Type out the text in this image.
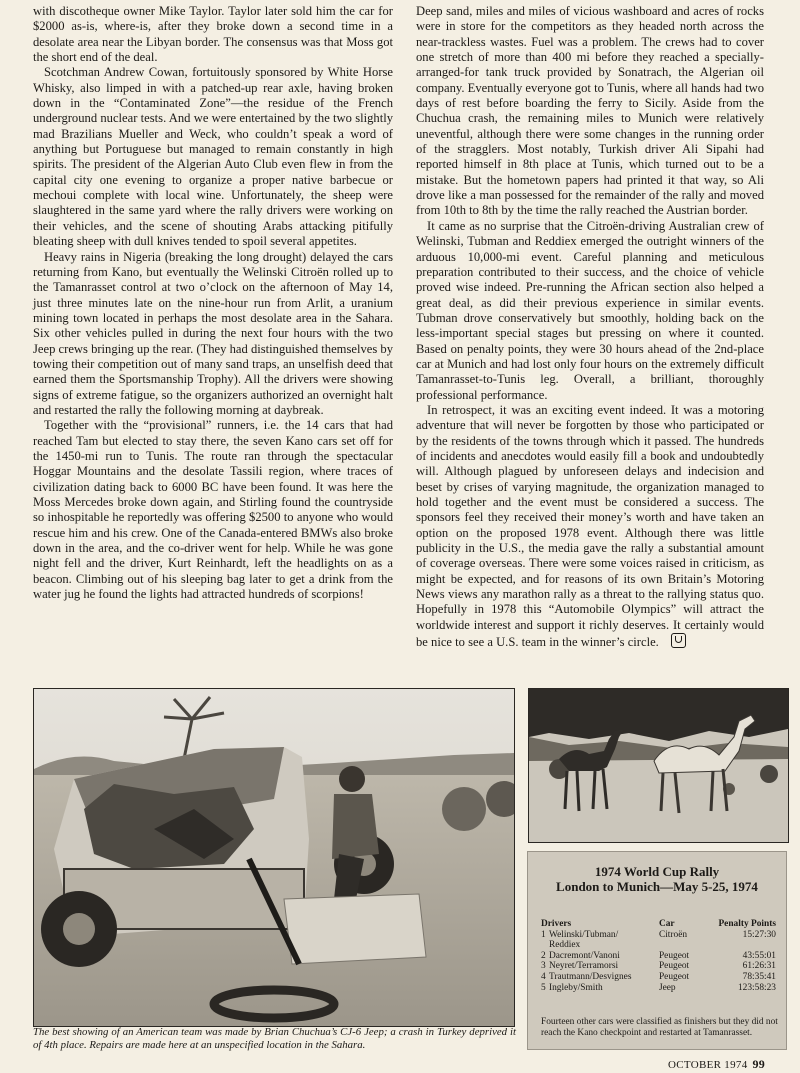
with discotheque owner Mike Taylor. Taylor later sold him the car for $2000 as-is, where-is, after they broke down a second time in a desolate area near the Libyan border. The consensus was that Moss got the short end of the deal.

Scotchman Andrew Cowan, fortuitously sponsored by White Horse Whisky, also limped in with a patched-up rear axle, having broken down in the “Contaminated Zone”—the residue of the French underground nuclear tests. And we were entertained by the two slightly mad Brazilians Mueller and Weck, who couldn’t speak a word of anything but Portuguese but managed to remain constantly in high spirits. The president of the Algerian Auto Club even flew in from the capital city one evening to organize a proper native barbecue or mechoui complete with local wine. Unfortunately, the sheep were slaughtered in the same yard where the rally drivers were working on their vehicles, and the scene of shouting Arabs attacking pitifully bleating sheep with dull knives tended to spoil several appetites.

Heavy rains in Nigeria (breaking the long drought) delayed the cars returning from Kano, but eventually the Welinski Citroën rolled up to the Tamanrasset control at two o’clock on the afternoon of May 14, just three minutes late on the nine-hour run from Arlit, a uranium mining town located in perhaps the most desolate area in the Sahara. Six other vehicles pulled in during the next four hours with the two Jeep crews bringing up the rear. (They had distinguished themselves by towing their competition out of many sand traps, an unselfish deed that earned them the Sportsmanship Trophy). All the drivers were showing signs of extreme fatigue, so the organizers authorized an overnight halt and restarted the rally the following morning at daybreak.

Together with the “provisional” runners, i.e. the 14 cars that had reached Tam but elected to stay there, the seven Kano cars set off for the 1450-mi run to Tunis. The route ran through the spectacular Hoggar Mountains and the desolate Tassili region, where traces of civilization dating back to 6000 BC have been found. It was here the Moss Mercedes broke down again, and Stirling found the countryside so inhospitable he reportedly was offering $2500 to anyone who would rescue him and his crew. One of the Canada-entered BMWs also broke down in the area, and the co-driver went for help. While he was gone night fell and the driver, Kurt Reinhardt, left the headlights on as a beacon. Climbing out of his sleeping bag later to get a drink from the water jug he found the lights had attracted hundreds of scorpions!

Deep sand, miles and miles of vicious washboard and acres of rocks were in store for the competitors as they headed north across the near-trackless wastes. Fuel was a problem. The crews had to cover one stretch of more than 400 mi before they reached a specially-arranged-for tank truck provided by Sonatrach, the Algerian oil company. Eventually everyone got to Tunis, where all hands had two days of rest before boarding the ferry to Sicily. Aside from the Chuchua crash, the remaining miles to Munich were relatively uneventful, although there were some changes in the running order of the stragglers. Most notably, Turkish driver Ali Sipahi had reported himself in 8th place at Tunis, which turned out to be a mistake. But the hometown papers had printed it that way, so Ali drove like a man possessed for the remainder of the rally and moved from 10th to 8th by the time the rally reached the Austrian border.

It came as no surprise that the Citroën-driving Australian crew of Welinski, Tubman and Reddiex emerged the outright winners of the arduous 10,000-mi event. Careful planning and meticulous preparation contributed to their success, and the choice of vehicle proved wise indeed. Pre-running the African section also helped a great deal, as did their previous experience in similar events. Tubman drove conservatively but smoothly, holding back on the less-important special stages but pressing on where it counted. Based on penalty points, they were 30 hours ahead of the 2nd-place car at Munich and had lost only four hours on the extremely difficult Tamanrasset-to-Tunis leg. Overall, a brilliant, thoroughly professional performance.

In retrospect, it was an exciting event indeed. It was a motoring adventure that will never be forgotten by those who participated or by the residents of the towns through which it passed. The hundreds of incidents and anecdotes would easily fill a book and undoubtedly will. Although plagued by unforeseen delays and indecision and beset by crises of varying magnitude, the organization managed to hold together and the event must be considered a success. The sponsors feel they received their money’s worth and have taken an option on the proposed 1978 event. Although there was little publicity in the U.S., the media gave the rally a substantial amount of coverage overseas. There were some voices raised in criticism, as might be expected, and for reasons of its own Britain’s Motoring News views any marathon rally as a threat to the rallying status quo. Hopefully in 1978 this “Automobile Olympics” will attract the worldwide interest and support it richly deserves. It certainly would be nice to see a U.S. team in the winner’s circle.

The best showing of an American team was made by Brian Chuchua’s CJ-6 Jeep; a crash in Turkey deprived it of 4th place. Repairs are made here at an unspecified location in the Sahara.
1974 World Cup Rally
London to Munich—May 5-25, 1974
Drivers		Car	Penalty Points
1	Welinski/Tubman/	Citroën	15:27:30
	Reddiex		
2	Dacremont/Vanoni	Peugeot	43:55:01
3	Neyret/Terramorsi	Peugeot	61:26:31
4	Trautmann/Desvignes	Peugeot	78:35:41
5	Ingleby/Smith	Jeep	123:58:23
Fourteen other cars were classified as finishers but they did not reach the Kano checkpoint and restarted at Tamanrasset.
OCTOBER 1974 99
